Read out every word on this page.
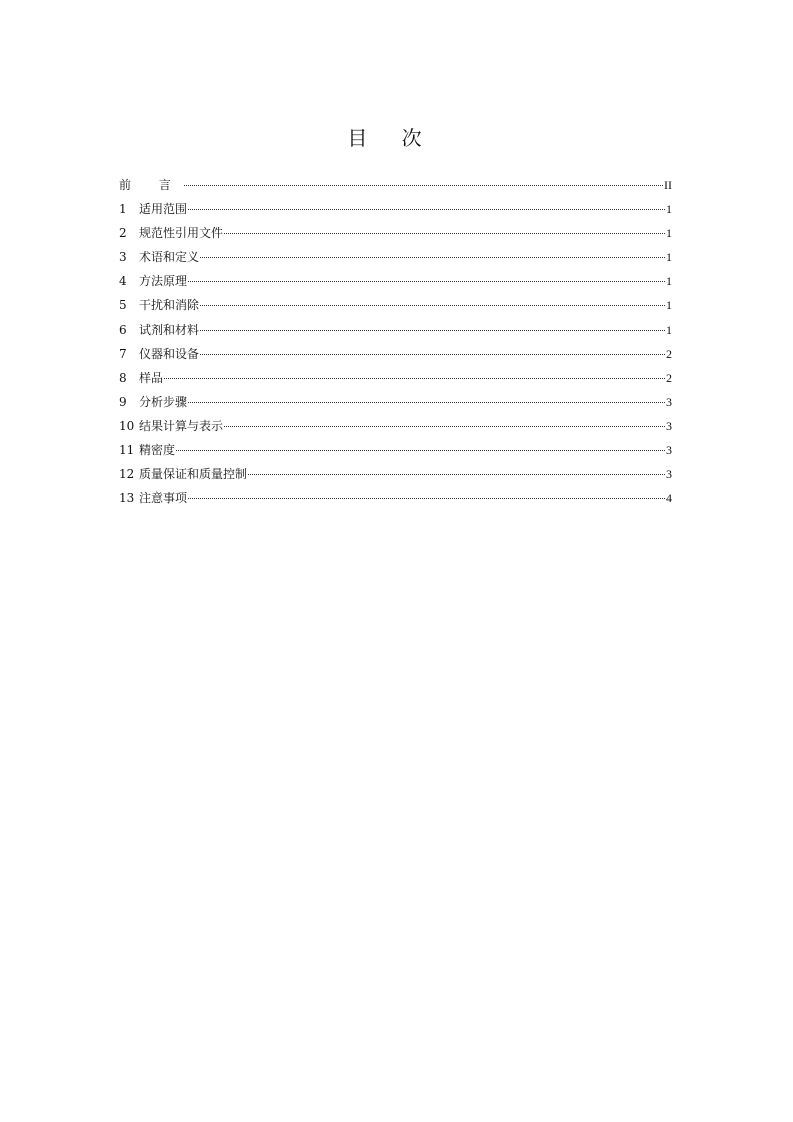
目 次
前 言	II
1	适用范围	1
2	规范性引用文件	1
3	术语和定义	1
4	方法原理	1
5	干扰和消除	1
6	试剂和材料	1
7	仪器和设备	2
8	样品	2
9	分析步骤	3
10 结果计算与表示	3
11 精密度	3
12 质量保证和质量控制	3
13 注意事项	4
